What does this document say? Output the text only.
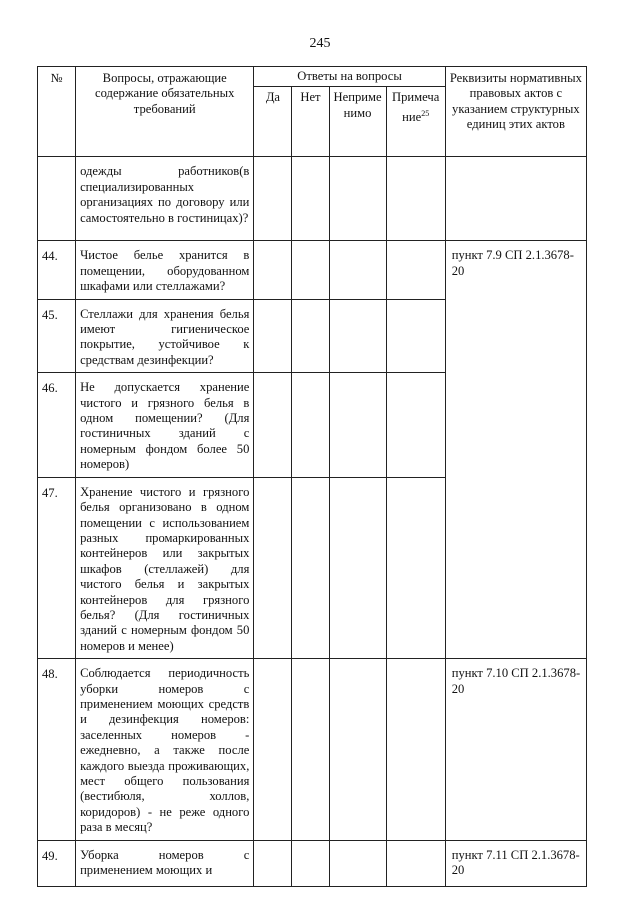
245
№	Вопросы, отражающие содержание обязательных требований	Ответы на вопросы				Реквизиты нормативных правовых актов с указанием структурных единиц этих актов

		Да	Нет	Неприменимо	Примечание$^{25}$

	одежды работников(в специализированных организациях по договору или самостоятельно в гостиницах)?					

44.	Чистое белье хранится в помещении, оборудованном шкафами или стеллажами?					пункт 7.9 СП 2.1.3678-20

45.	Стеллажи для хранения белья имеют гигиеническое покрытие, устойчивое к средствам дезинфекции?					

46.	Не допускается хранение чистого и грязного белья в одном помещении? (Для гостиничных зданий с номерным фондом более 50 номеров)					

47.	Хранение чистого и грязного белья организовано в одном помещении с использованием разных промаркированных контейнеров или закрытых шкафов (стеллажей) для чистого белья и закрытых контейнеров для грязного белья? (Для гостиничных зданий с номерным фондом 50 номеров и менее)					

48.	Соблюдается периодичность уборки номеров с применением моющих средств и дезинфекция номеров: заселенных номеров - ежедневно, а также после каждого выезда проживающих, мест общего пользования (вестибюля, холлов, коридоров) - не реже одного раза в месяц?					пункт 7.10 СП 2.1.3678-20

49.	Уборка номеров с применением моющих и					пункт 7.11 СП 2.1.3678-20
